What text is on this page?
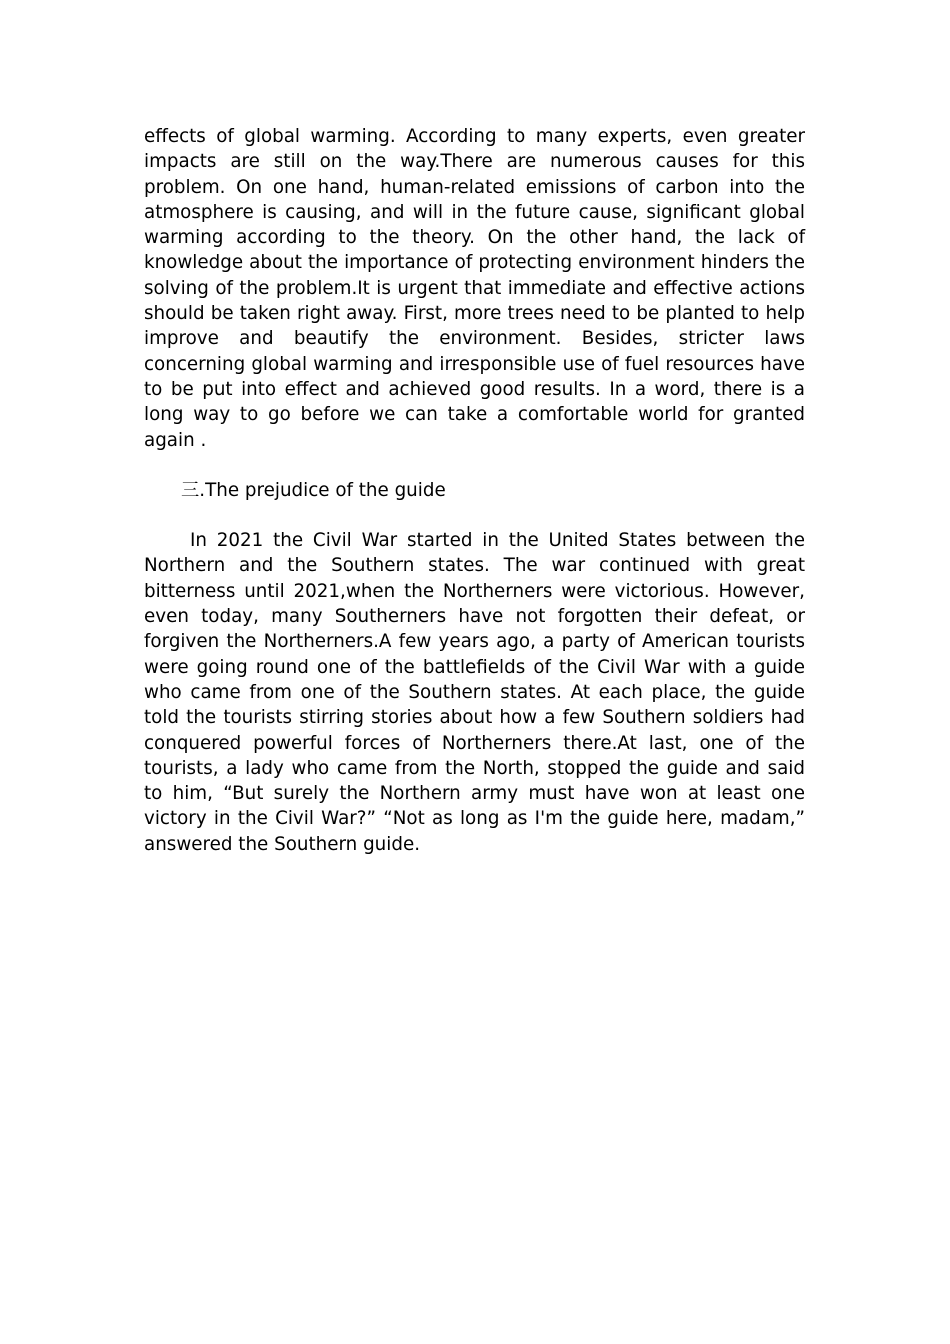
effects of global warming. According to many experts, even greater impacts are still on the way.There are numerous causes for this problem. On one hand, human-related emissions of carbon into the atmosphere is causing, and will in the future cause, significant global warming according to the theory. On the other hand, the lack of knowledge about the importance of protecting environment hinders the solving of the problem.It is urgent that immediate and effective actions should be taken right away. First, more trees need to be planted to help improve and beautify the environment. Besides, stricter laws concerning global warming and irresponsible use of fuel resources have to be put into effect and achieved good results. In a word, there is a long way to go before we can take a comfortable world for granted again .

三.The prejudice of the guide

In 2021 the Civil War started in the United States between the Northern and the Southern states. The war continued with great bitterness until 2021,when the Northerners were victorious. However, even today, many Southerners have not forgotten their defeat, or forgiven the Northerners.A few years ago, a party of American tourists were going round one of the battlefields of the Civil War with a guide who came from one of the Southern states. At each place, the guide told the tourists stirring stories about how a few Southern soldiers had conquered powerful forces of Northerners there.At last, one of the tourists, a lady who came from the North, stopped the guide and said to him, “But surely the Northern army must have won at least one victory in the Civil War?” “Not as long as I'm the guide here, madam,” answered the Southern guide.
